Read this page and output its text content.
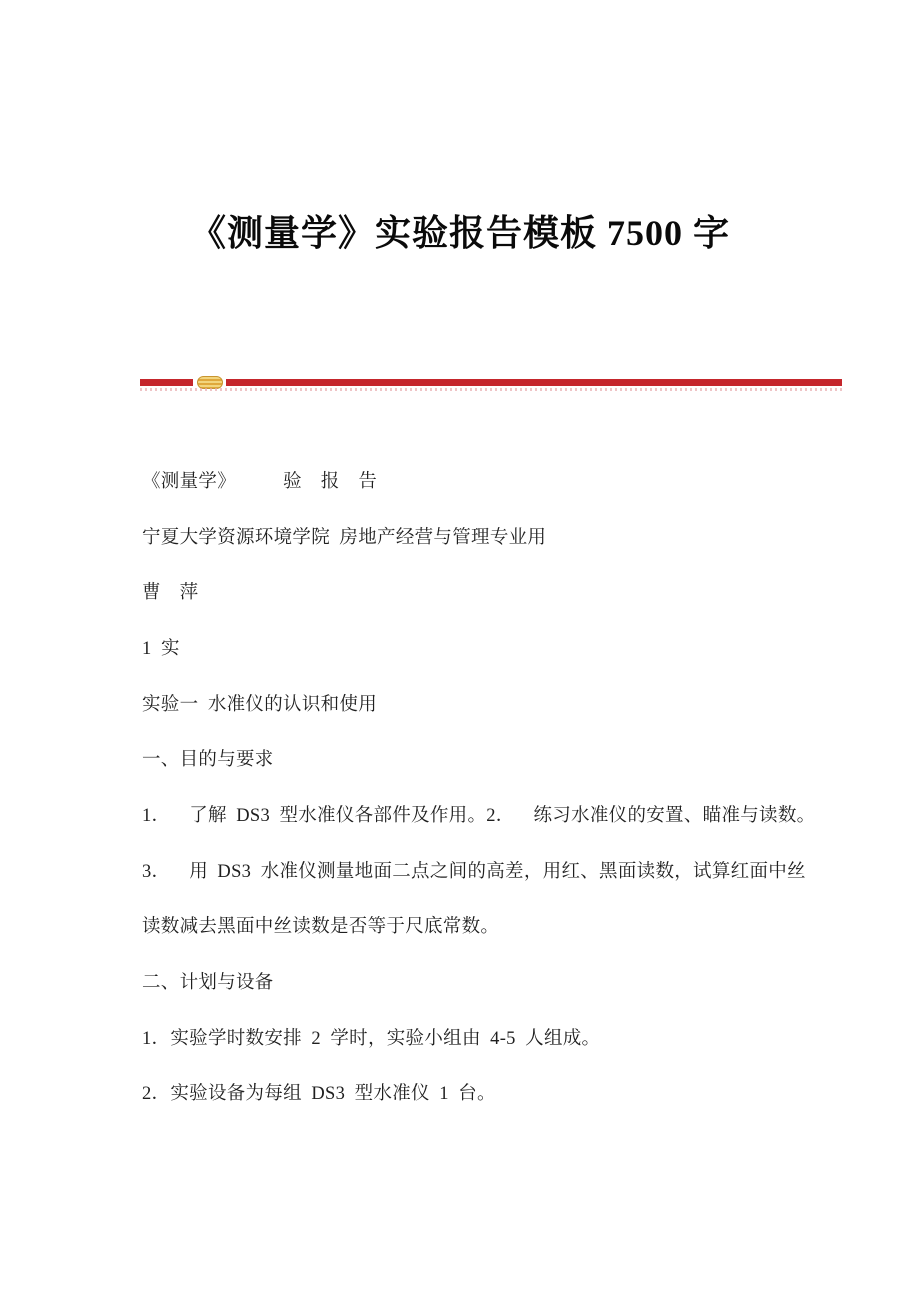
《测量学》实验报告模板 7500 字
《测量学》     验  报  告
宁夏大学资源环境学院 房地产经营与管理专业用
曹  萍
1 实
实验一 水准仪的认识和使用
一、目的与要求
1．  了解 DS3 型水准仪各部件及作用。2．  练习水准仪的安置、瞄准与读数。
3．  用 DS3 水准仪测量地面二点之间的高差，用红、黑面读数，试算红面中丝
读数减去黑面中丝读数是否等于尺底常数。
二、计划与设备
1．实验学时数安排 2 学时，实验小组由 4-5 人组成。
2．实验设备为每组 DS3 型水准仪 1 台。
